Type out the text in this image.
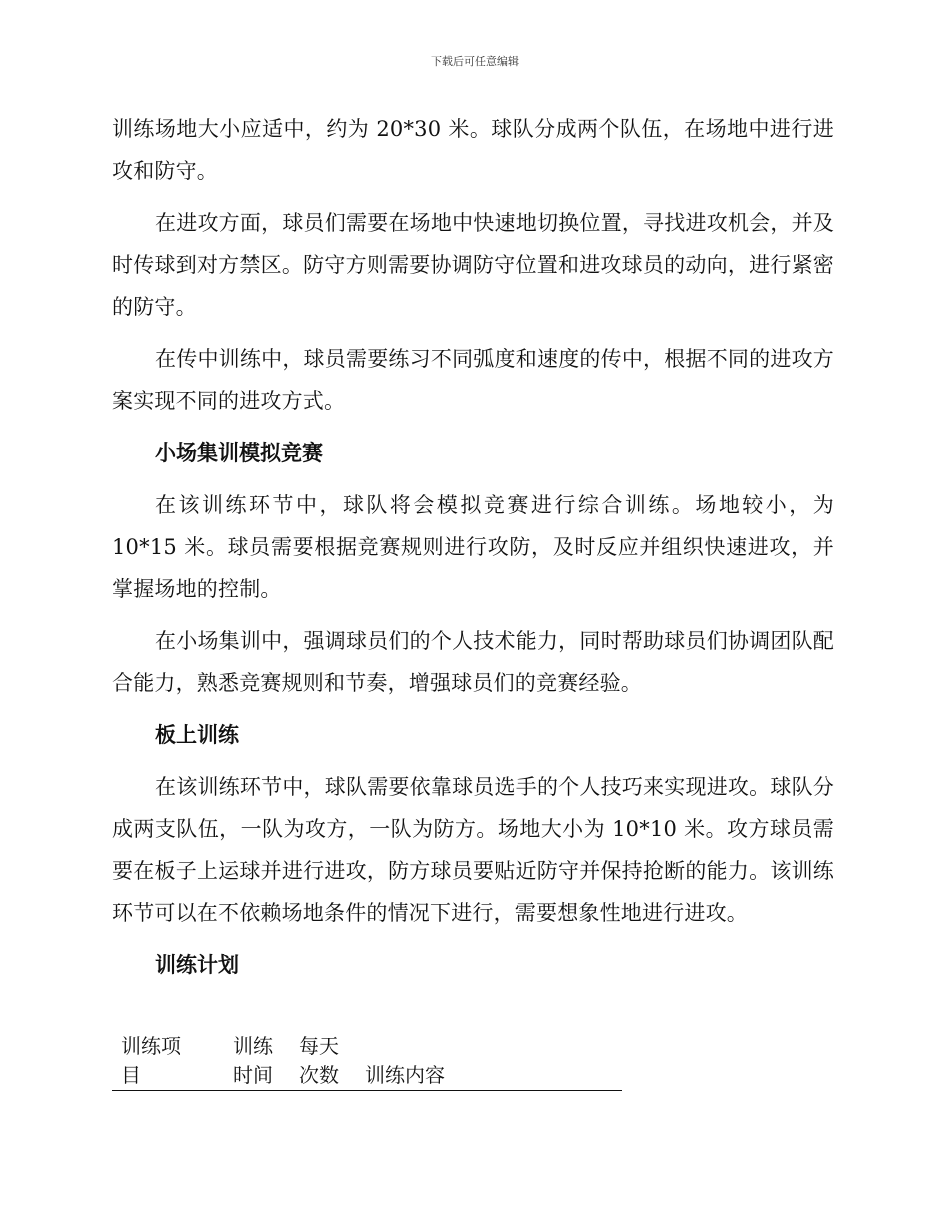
下载后可任意编辑

训练场地大小应适中，约为 20*30 米。球队分成两个队伍，在场地中进行进攻和防守。

在进攻方面，球员们需要在场地中快速地切换位置，寻找进攻机会，并及时传球到对方禁区。防守方则需要协调防守位置和进攻球员的动向，进行紧密的防守。

在传中训练中，球员需要练习不同弧度和速度的传中，根据不同的进攻方案实现不同的进攻方式。

小场集训模拟竞赛

在该训练环节中，球队将会模拟竞赛进行综合训练。场地较小，为 10*15 米。球员需要根据竞赛规则进行攻防，及时反应并组织快速进攻，并掌握场地的控制。

在小场集训中，强调球员们的个人技术能力，同时帮助球员们协调团队配合能力，熟悉竞赛规则和节奏，增强球员们的竞赛经验。

板上训练

在该训练环节中，球队需要依靠球员选手的个人技巧来实现进攻。球队分成两支队伍，一队为攻方，一队为防方。场地大小为 10*10 米。攻方球员需要在板子上运球并进行进攻，防方球员要贴近防守并保持抢断的能力。该训练环节可以在不依赖场地条件的情况下进行，需要想象性地进行进攻。

训练计划
训练项
目
训练
时间
每天
次数	训练内容
